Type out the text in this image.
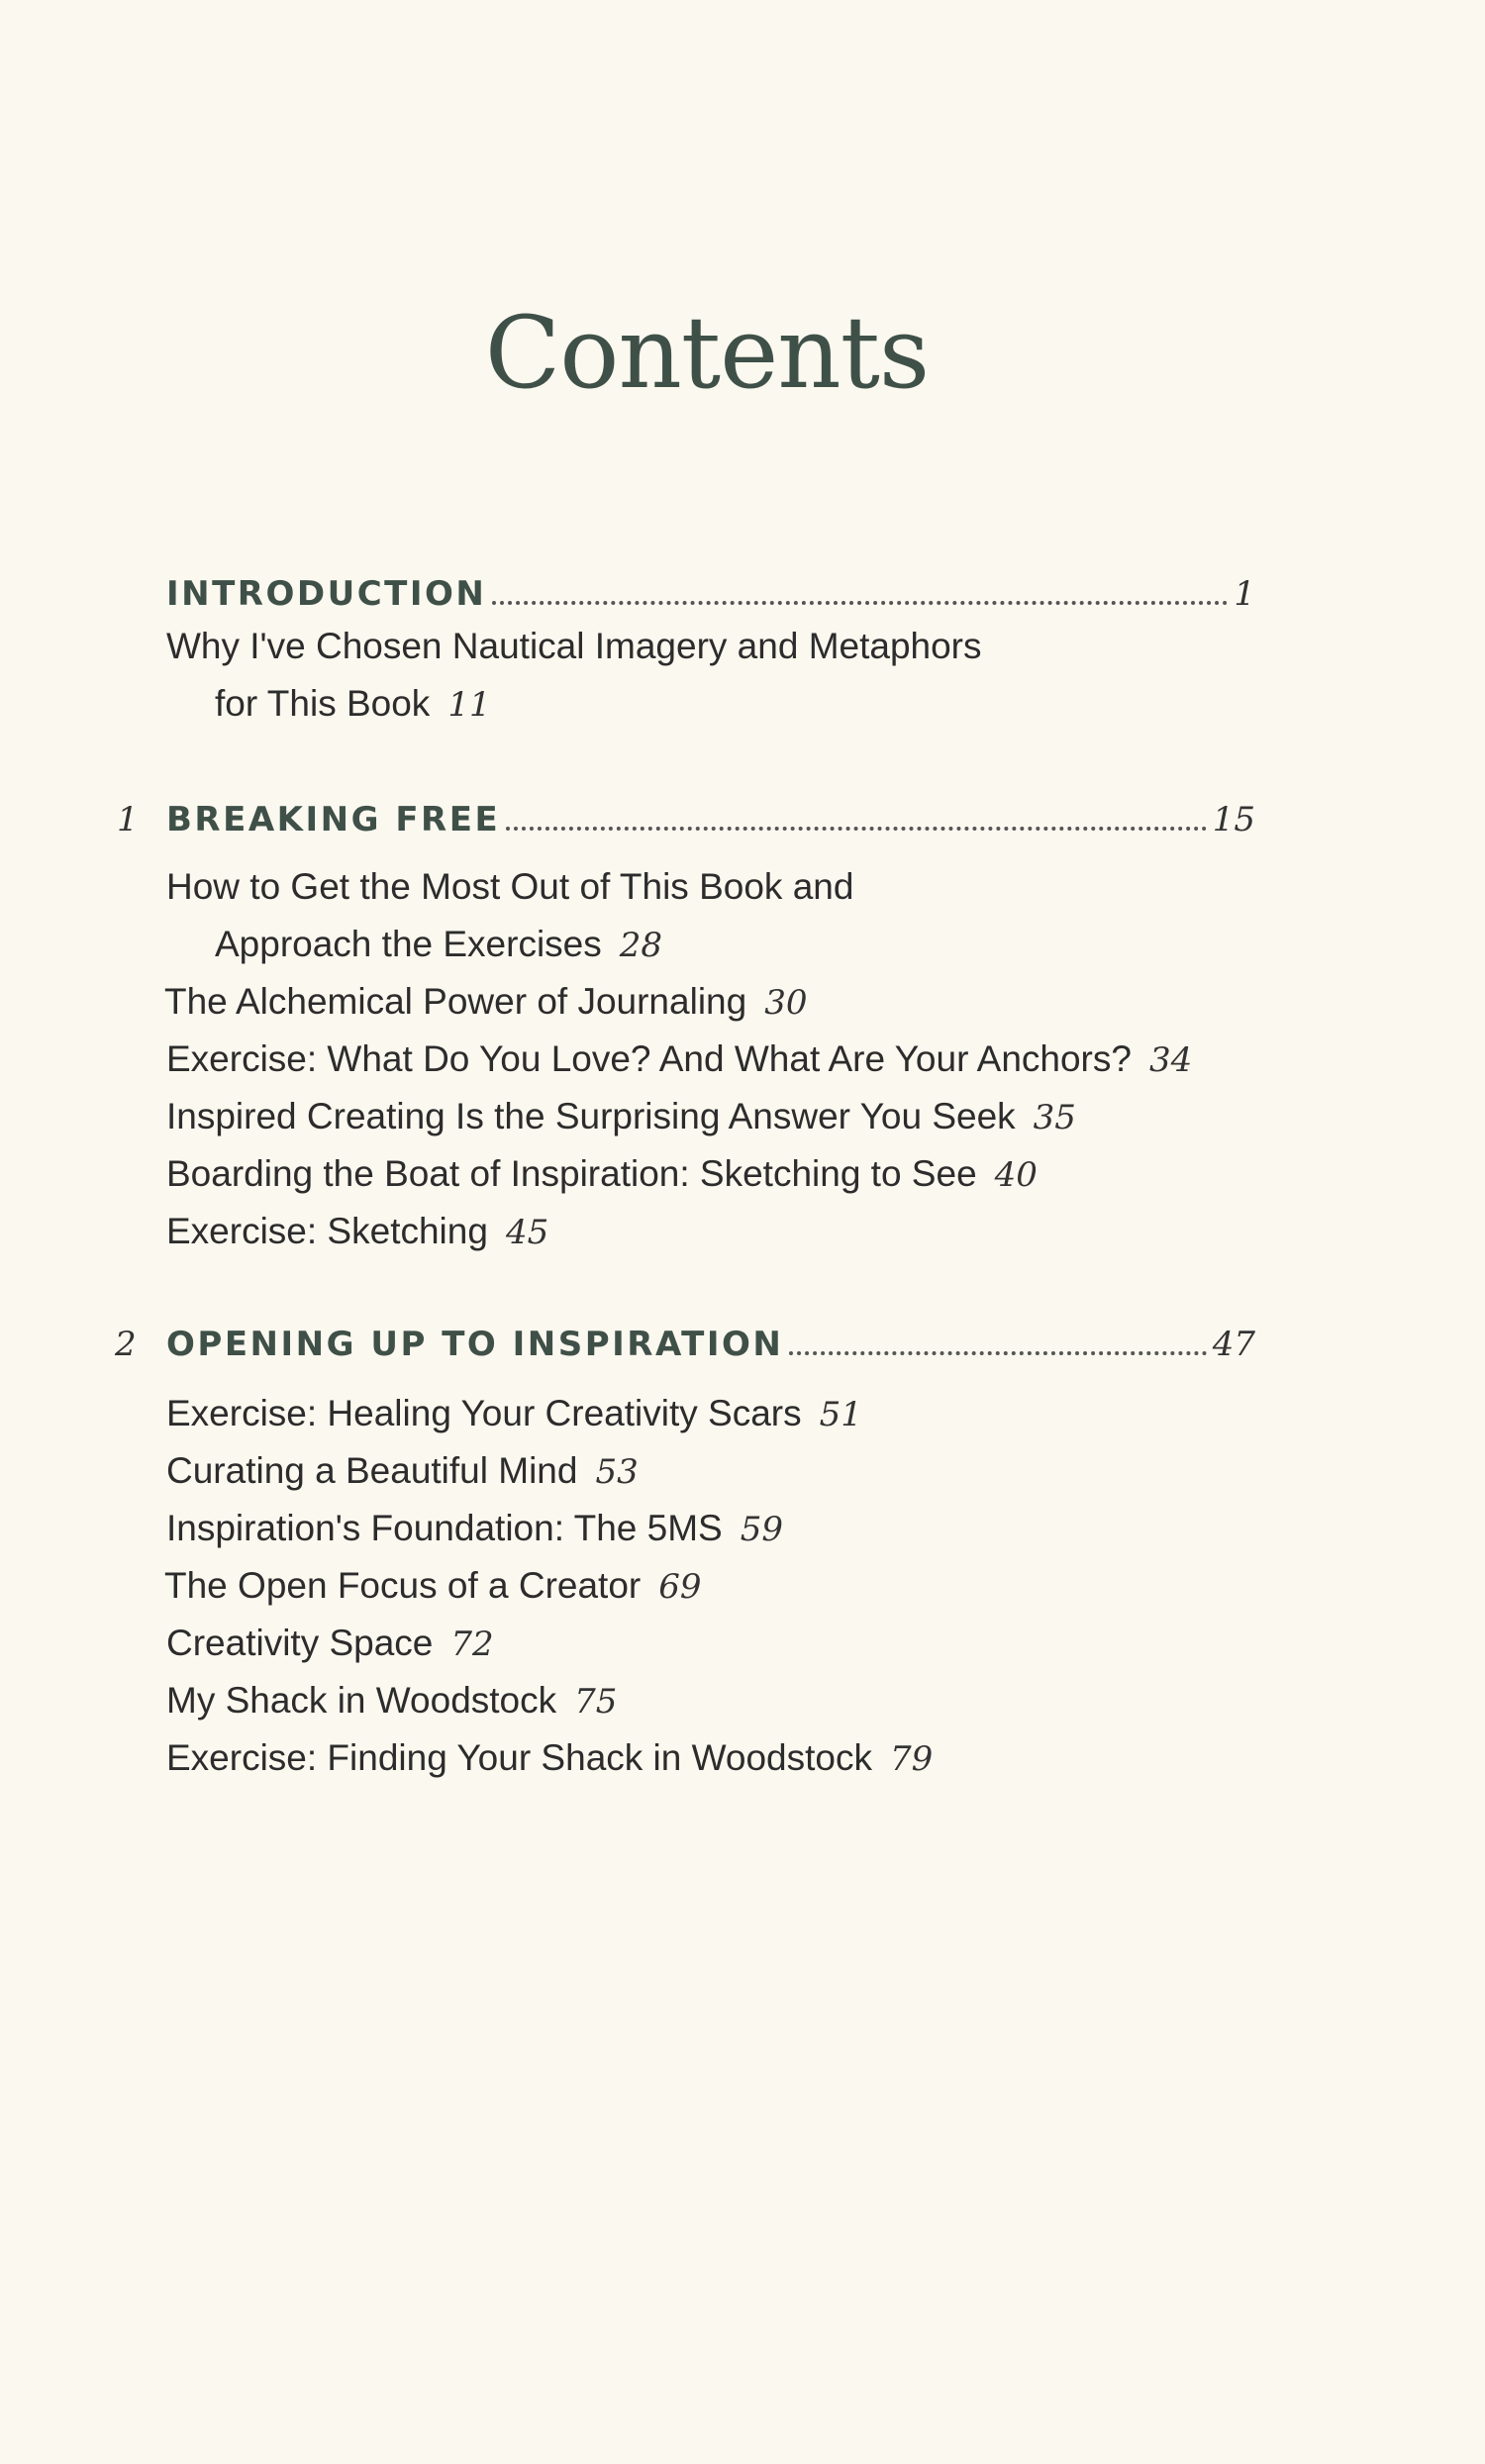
Contents
INTRODUCTION	1
Why I've Chosen Nautical Imagery and Metaphors
for This Book 11
1 BREAKING FREE	15
How to Get the Most Out of This Book and
Approach the Exercises 28
The Alchemical Power of Journaling 30
Exercise: What Do You Love? And What Are Your Anchors? 34
Inspired Creating Is the Surprising Answer You Seek 35
Boarding the Boat of Inspiration: Sketching to See 40
Exercise: Sketching 45
2 OPENING UP TO INSPIRATION	47
Exercise: Healing Your Creativity Scars 51
Curating a Beautiful Mind 53
Inspiration's Foundation: The 5MS 59
The Open Focus of a Creator 69
Creativity Space 72
My Shack in Woodstock 75
Exercise: Finding Your Shack in Woodstock 79
